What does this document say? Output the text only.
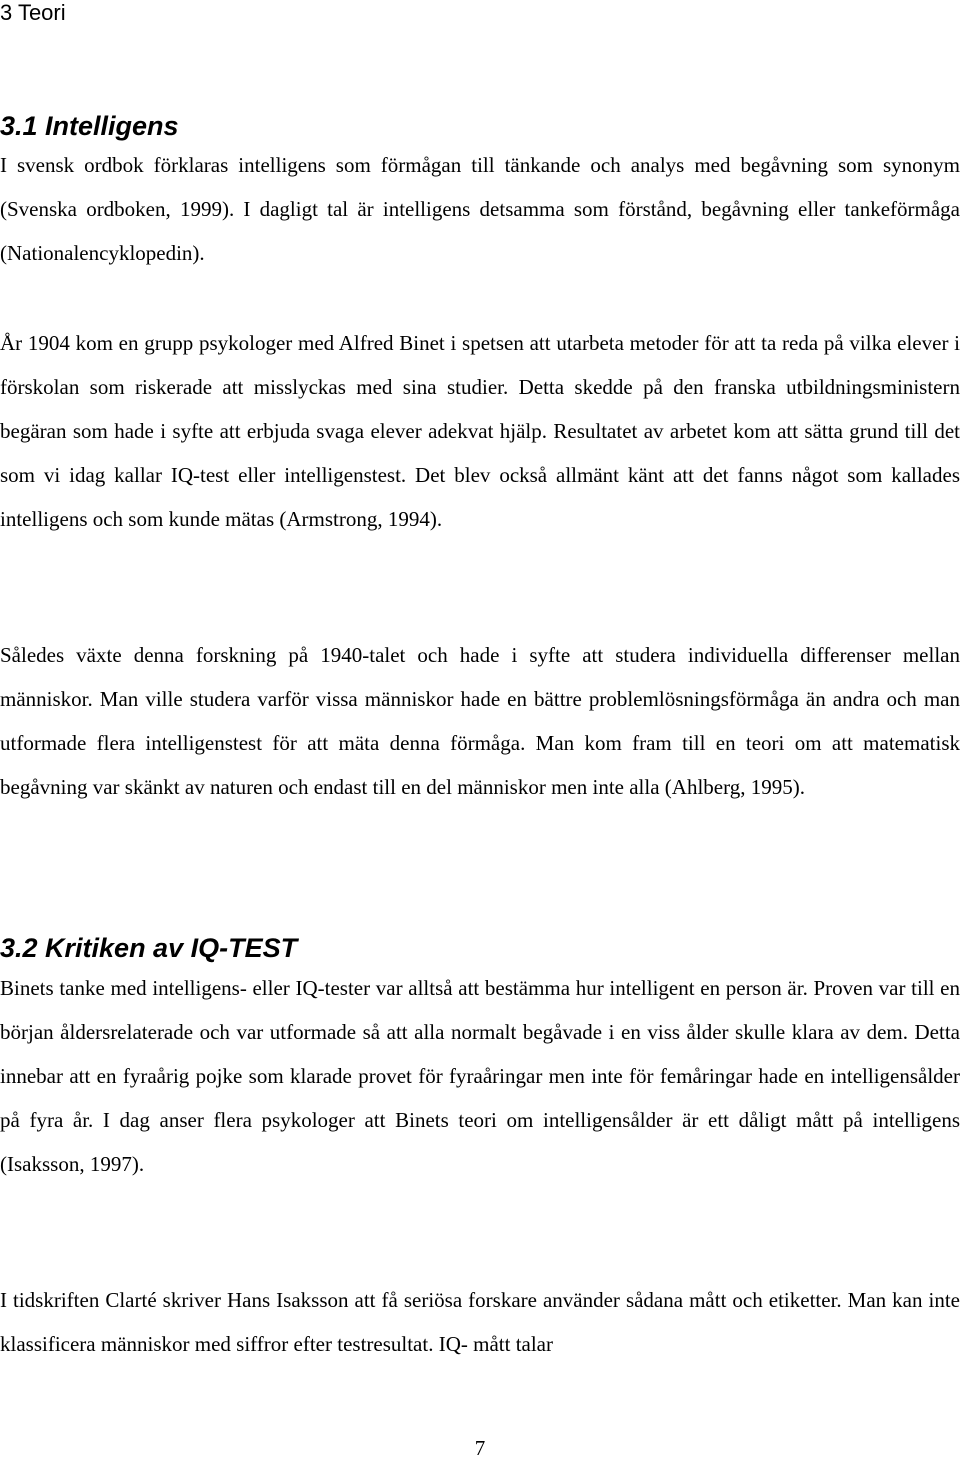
3 Teori
3.1 Intelligens

I svensk ordbok förklaras intelligens som förmågan till tänkande och analys med begåvning som synonym (Svenska ordboken, 1999). I dagligt tal är intelligens detsamma som förstånd, begåvning eller tankeförmåga (Nationalencyklopedin).

År 1904 kom en grupp psykologer med Alfred Binet i spetsen att utarbeta metoder för att ta reda på vilka elever i förskolan som riskerade att misslyckas med sina studier. Detta skedde på den franska utbildningsministern begäran som hade i syfte att erbjuda svaga elever adekvat hjälp. Resultatet av arbetet kom att sätta grund till det som vi idag kallar IQ-test eller intelligenstest. Det blev också allmänt känt att det fanns något som kallades intelligens och som kunde mätas (Armstrong, 1994).

Således växte denna forskning på 1940-talet och hade i syfte att studera individuella differenser mellan människor. Man ville studera varför vissa människor hade en bättre problemlösningsförmåga än andra och man utformade flera intelligenstest för att mäta denna förmåga. Man kom fram till en teori om att matematisk begåvning var skänkt av naturen och endast till en del människor men inte alla (Ahlberg, 1995).

3.2 Kritiken av IQ-TEST

Binets tanke med intelligens- eller IQ-tester var alltså att bestämma hur intelligent en person är. Proven var till en början åldersrelaterade och var utformade så att alla normalt begåvade i en viss ålder skulle klara av dem. Detta innebar att en fyraårig pojke som klarade provet för fyraåringar men inte för femåringar hade en intelligensålder på fyra år. I dag anser flera psykologer att Binets teori om intelligensålder är ett dåligt mått på intelligens (Isaksson, 1997).

I tidskriften Clarté skriver Hans Isaksson att få seriösa forskare använder sådana mått och etiketter. Man kan inte klassificera människor med siffror efter testresultat. IQ- mått talar

7
